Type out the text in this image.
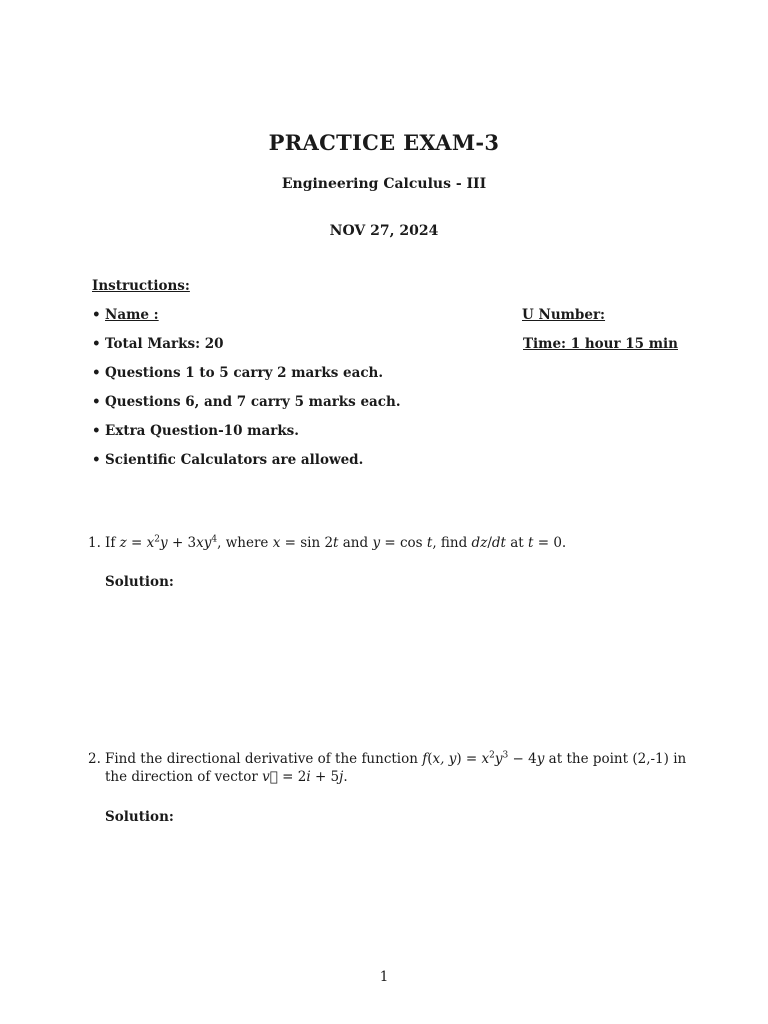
PRACTICE EXAM-3
Engineering Calculus - III
NOV 27, 2024
Instructions:
• Name :
• Total Marks: 20
• Questions 1 to 5 carry 2 marks each.
• Questions 6, and 7 carry 5 marks each.
• Extra Question-10 marks.
• Scientific Calculators are allowed.
U Number:
Time: 1 hour 15 min
1. If $z = x^2y + 3xy^4$, where x = sin 2t and y = cos t, find dz/dt at t = 0.
Solution:
2. Find the directional derivative of the function f(x, $y) = x^2y^3 - 4y$ at the point (2,-1) in the direction of vector v⃗ = 2i + 5j.
Solution:
1
